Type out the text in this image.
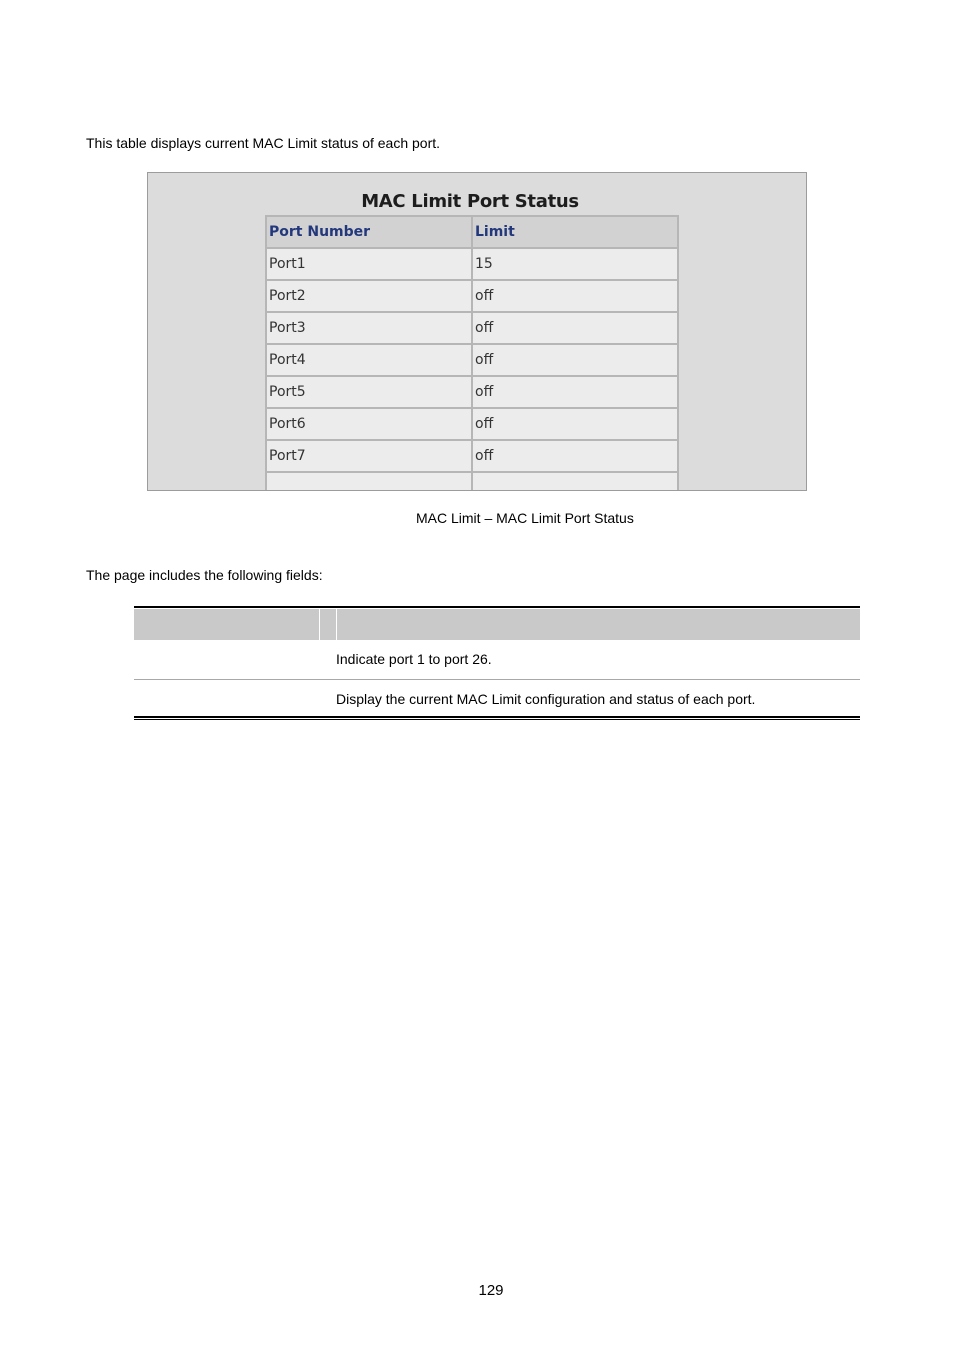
This table displays current MAC Limit status of each port.

MAC Limit Port Status
Port Number	Limit
Port1	15
Port2	off
Port3	off
Port4	off
Port5	off
Port6	off
Port7	off

MAC Limit – MAC Limit Port Status

The page includes the following fields:

Indicate port 1 to port 26.
Display the current MAC Limit configuration and status of each port.

129
